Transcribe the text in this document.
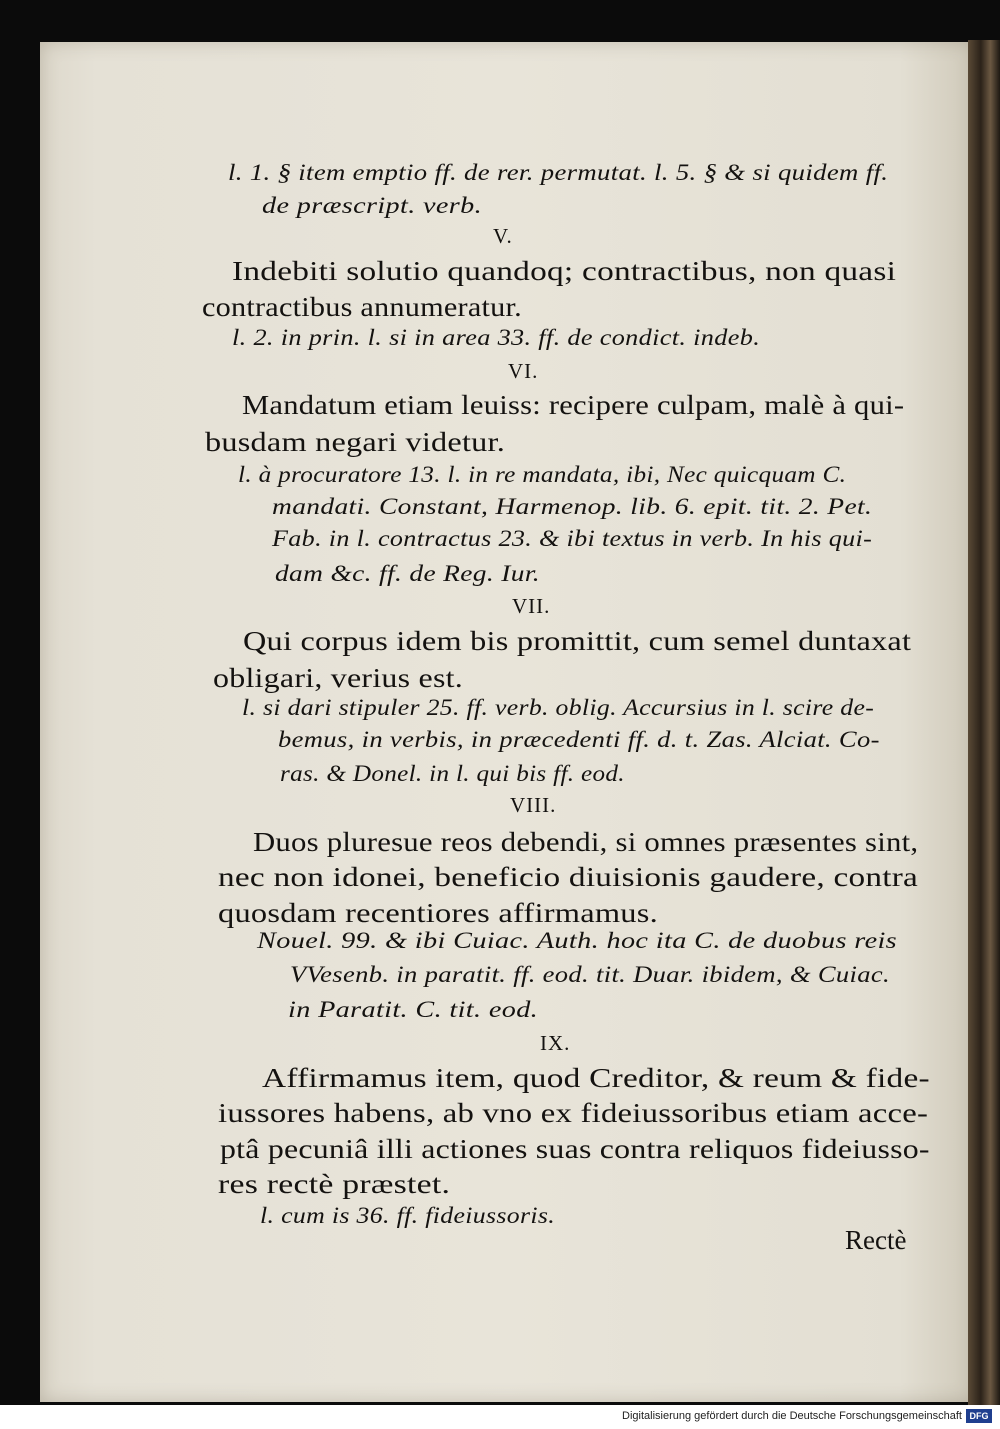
l. 1. § item emptio ff. de rer. permutat. l. 5. § & si quidem ff.
de præscript. verb.
V.
Indebiti solutio quandoq; contractibus, non quasi
contractibus annumeratur.
l. 2. in prin. l. si in area 33. ff. de condict. indeb.
VI.
Mandatum etiam leuiss: recipere culpam, malè à qui-
busdam negari videtur.
l. à procuratore 13. l. in re mandata, ibi, Nec quicquam C.
mandati. Constant, Harmenop. lib. 6. epit. tit. 2. Pet.
Fab. in l. contractus 23. & ibi textus in verb. In his qui-
dam &c. ff. de Reg. Iur.
VII.
Qui corpus idem bis promittit, cum semel duntaxat
obligari, verius est.
l. si dari stipuler 25. ff. verb. oblig. Accursius in l. scire de-
bemus, in verbis, in præcedenti ff. d. t. Zas. Alciat. Co-
ras. & Donel. in l. qui bis ff. eod.
VIII.
Duos pluresue reos debendi, si omnes præsentes sint,
nec non idonei, beneficio diuisionis gaudere, contra
quosdam recentiores affirmamus.
Nouel. 99. & ibi Cuiac. Auth. hoc ita C. de duobus reis
VVesenb. in paratit. ff. eod. tit. Duar. ibidem, & Cuiac.
in Paratit. C. tit. eod.
IX.
Affirmamus item, quod Creditor, & reum & fide-
iussores habens, ab vno ex fideiussoribus etiam acce-
ptâ pecuniâ illi actiones suas contra reliquos fideiusso-
res rectè præstet.
l. cum is 36. ff. fideiussoris.
Rectè
Digitalisierung gefördert durch die Deutsche Forschungsgemeinschaft DFG
